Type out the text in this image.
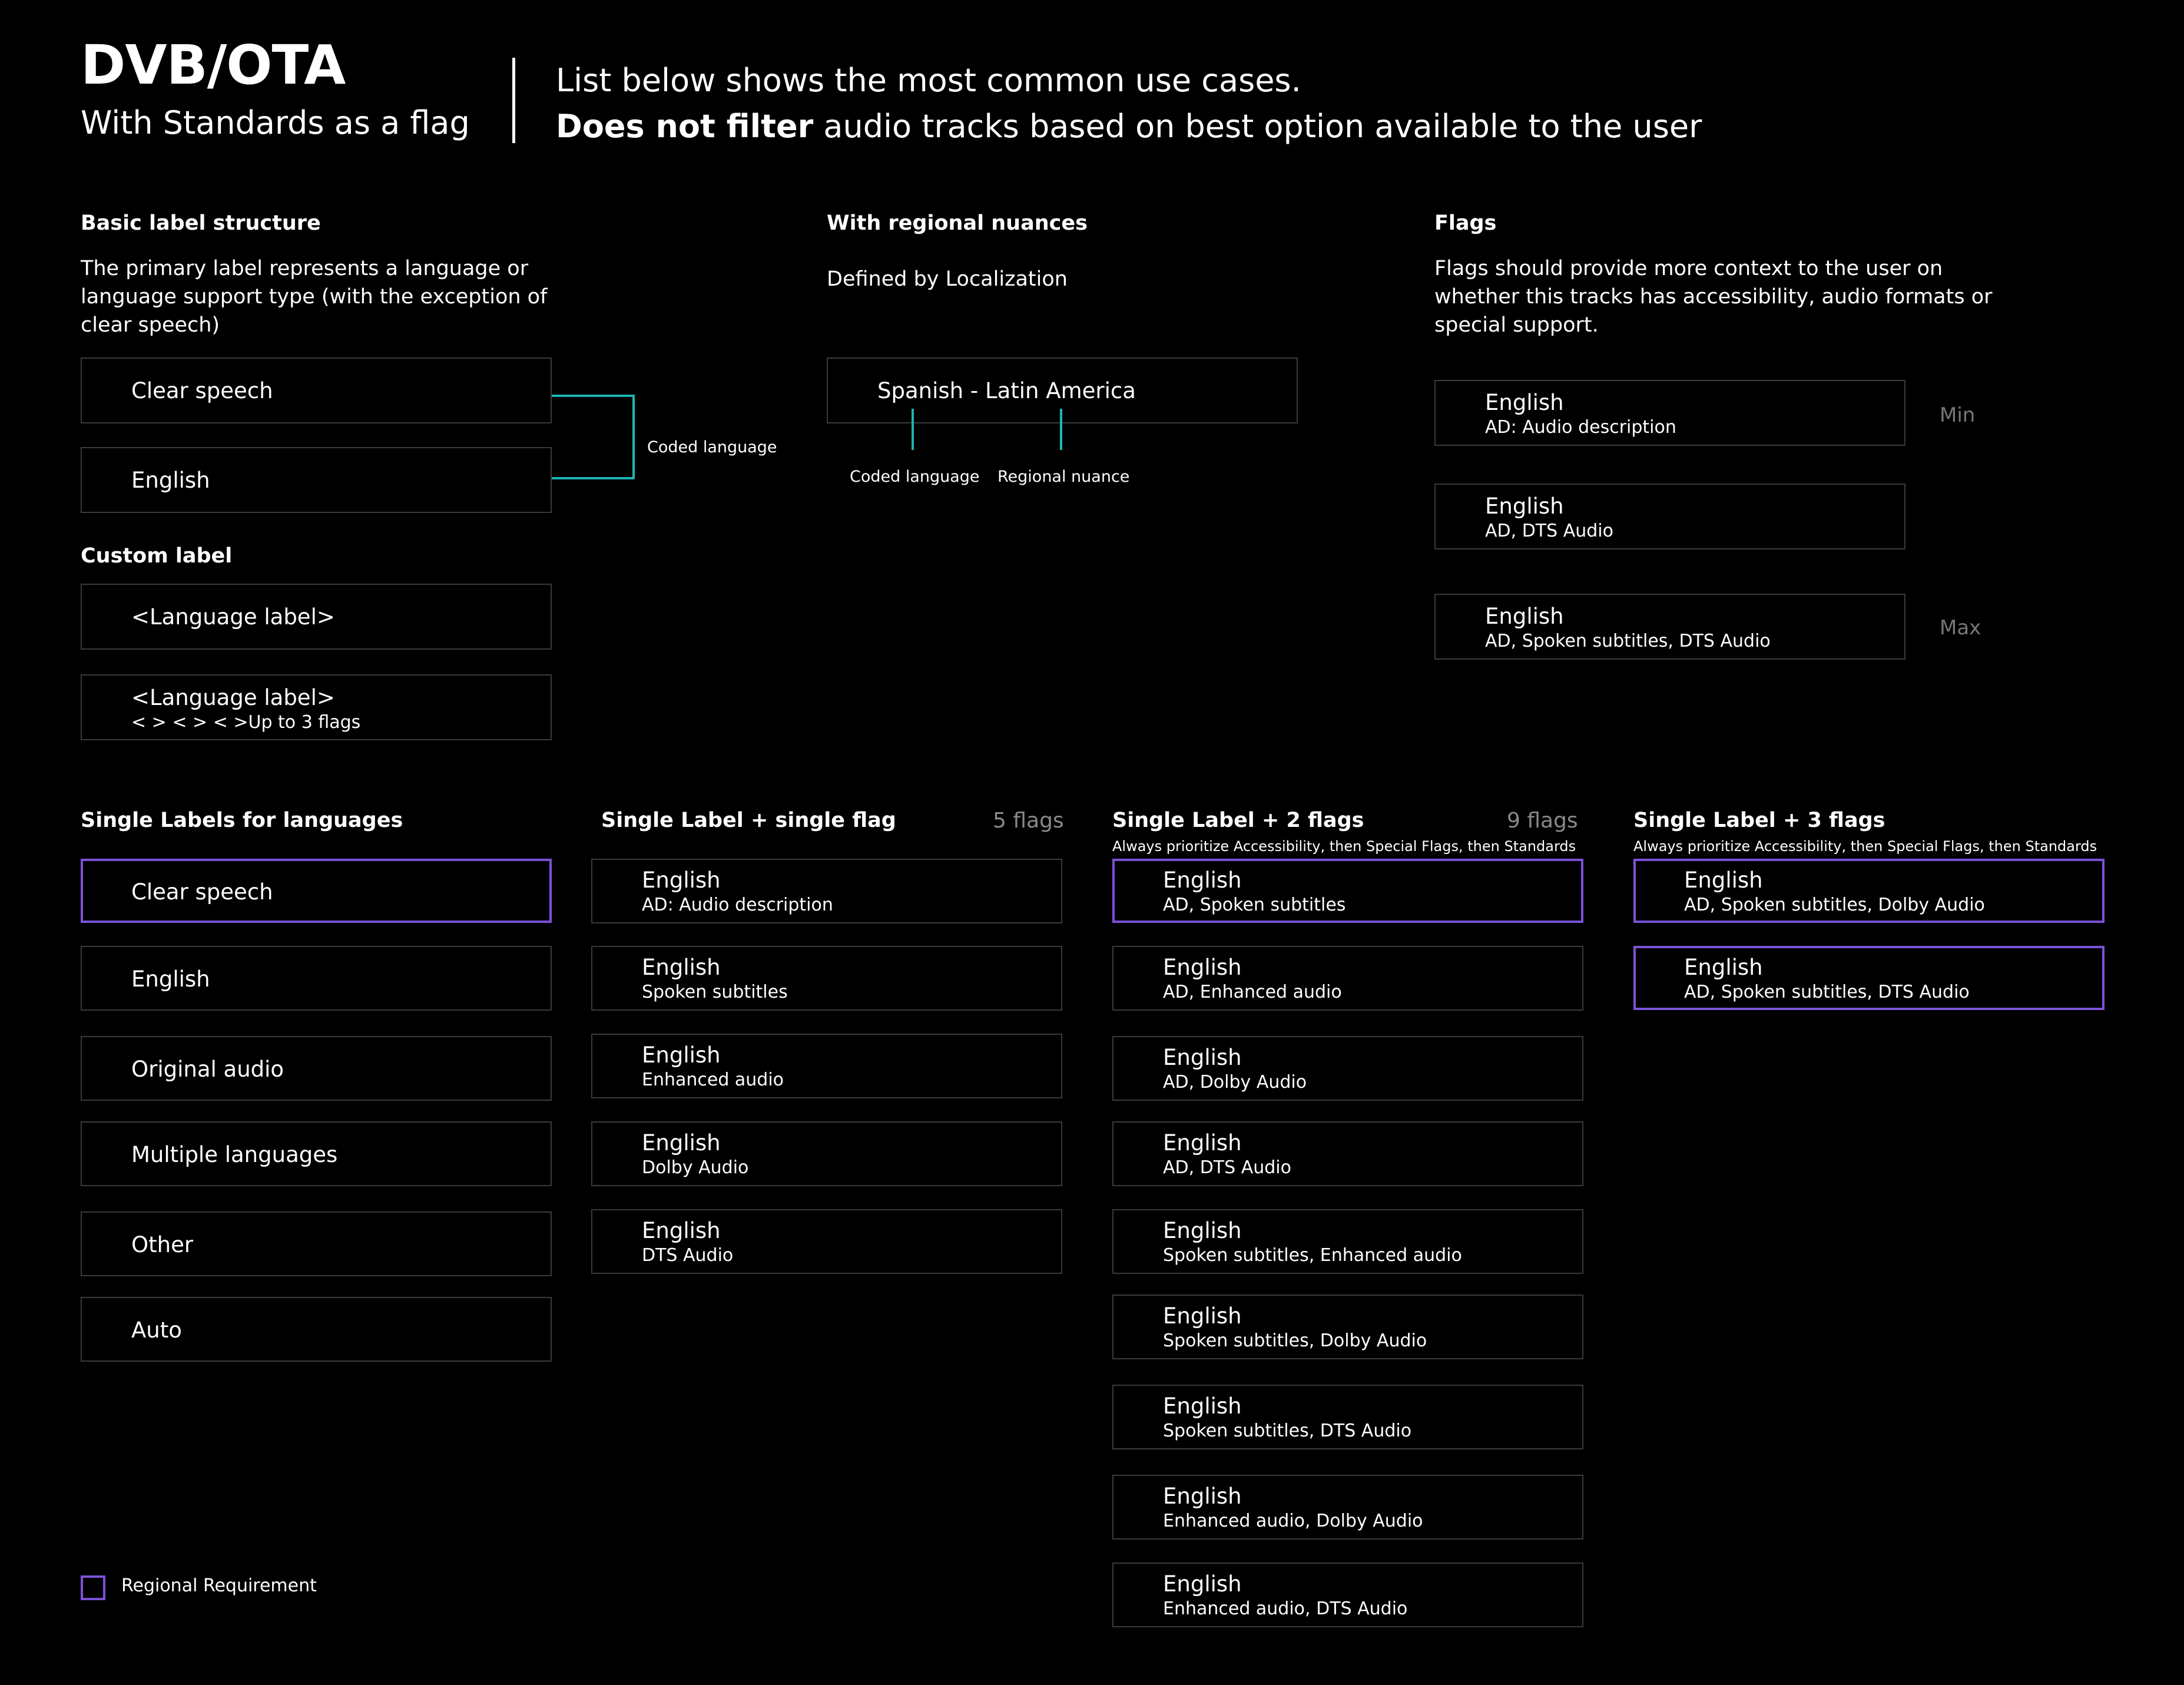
DVB/OTA
With Standards as a flag
List below shows the most common use cases.
Does not filter audio tracks based on best option available to the user
Basic label structure
The primary label represents a language or language support type (with the exception of clear speech)
Clear speech
English
Coded language
Custom label
<Language label>
<Language label>
< > < > < >Up to 3 flags
With regional nuances
Defined by Localization
Spanish - Latin America
Coded language Regional nuance
Flags
Flags should provide more context to the user on whether this tracks has accessibility, audio formats or special support.
English
AD: Audio description
English
AD, DTS Audio
English
AD, Spoken subtitles, DTS Audio
Min
Max
Single Labels for languages
Clear speech
English
Original audio
Multiple languages
Other
Auto
Single Label + single flag	5 flags
English
AD: Audio description
English
Spoken subtitles
English
Enhanced audio
English
Dolby Audio
English
DTS Audio
Single Label + 2 flags	9 flags
Always prioritize Accessibility, then Special Flags, then Standards
English
AD, Spoken subtitles
English
AD, Enhanced audio
English
AD, Dolby Audio
English
AD, DTS Audio
English
Spoken subtitles, Enhanced audio
English
Spoken subtitles, Dolby Audio
English
Spoken subtitles, DTS Audio
English
Enhanced audio, Dolby Audio
English
Enhanced audio, DTS Audio
Single Label + 3 flags
Always prioritize Accessibility, then Special Flags, then Standards
English
AD, Spoken subtitles, Dolby Audio
English
AD, Spoken subtitles, DTS Audio
Regional Requirement
